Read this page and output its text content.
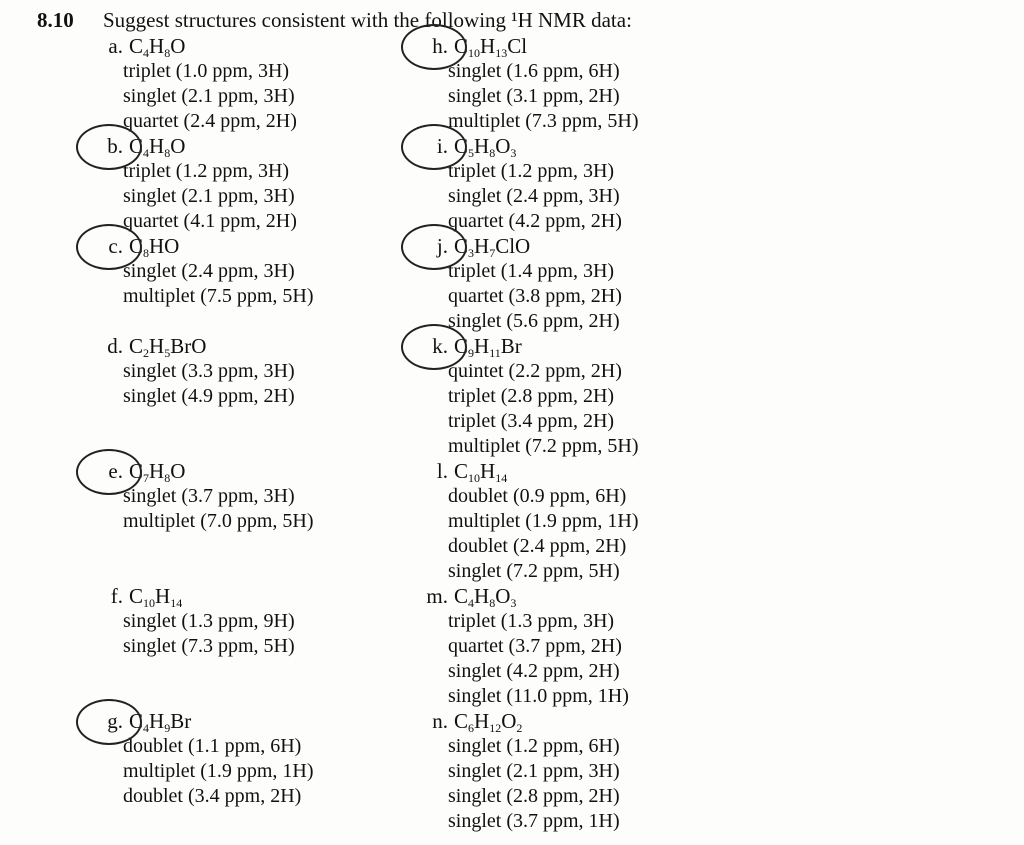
8.10 Suggest structures consistent with the following ¹H NMR data:
a. $C_4H_8O$
triplet (1.0 ppm, 3H)
singlet (2.1 ppm, 3H)
quartet (2.4 ppm, 2H)
b. $C_4H_8O$
triplet (1.2 ppm, 3H)
singlet (2.1 ppm, 3H)
quartet (4.1 ppm, 2H)
c. $C_8HO$
singlet (2.4 ppm, 3H)
multiplet (7.5 ppm, 5H)
d. $C_2H_5BrO$
singlet (3.3 ppm, 3H)
singlet (4.9 ppm, 2H)
e. $C_7H_8O$
singlet (3.7 ppm, 3H)
multiplet (7.0 ppm, 5H)
f. $C_{10}H_{14}$
singlet (1.3 ppm, 9H)
singlet (7.3 ppm, 5H)
g. $C_4H_9Br$
doublet (1.1 ppm, 6H)
multiplet (1.9 ppm, 1H)
doublet (3.4 ppm, 2H)
h. $C_{10}H_{13}Cl$
singlet (1.6 ppm, 6H)
singlet (3.1 ppm, 2H)
multiplet (7.3 ppm, 5H)
i. $C_5H_8O_3$
triplet (1.2 ppm, 3H)
singlet (2.4 ppm, 3H)
quartet (4.2 ppm, 2H)
j. $C_3H_7ClO$
triplet (1.4 ppm, 3H)
quartet (3.8 ppm, 2H)
singlet (5.6 ppm, 2H)
k. $C_9H_{11}Br$
quintet (2.2 ppm, 2H)
triplet (2.8 ppm, 2H)
triplet (3.4 ppm, 2H)
multiplet (7.2 ppm, 5H)
l. $C_{10}H_{14}$
doublet (0.9 ppm, 6H)
multiplet (1.9 ppm, 1H)
doublet (2.4 ppm, 2H)
singlet (7.2 ppm, 5H)
m. $C_4H_8O_3$
triplet (1.3 ppm, 3H)
quartet (3.7 ppm, 2H)
singlet (4.2 ppm, 2H)
singlet (11.0 ppm, 1H)
n. $C_6H_{12}O_2$
singlet (1.2 ppm, 6H)
singlet (2.1 ppm, 3H)
singlet (2.8 ppm, 2H)
singlet (3.7 ppm, 1H)
